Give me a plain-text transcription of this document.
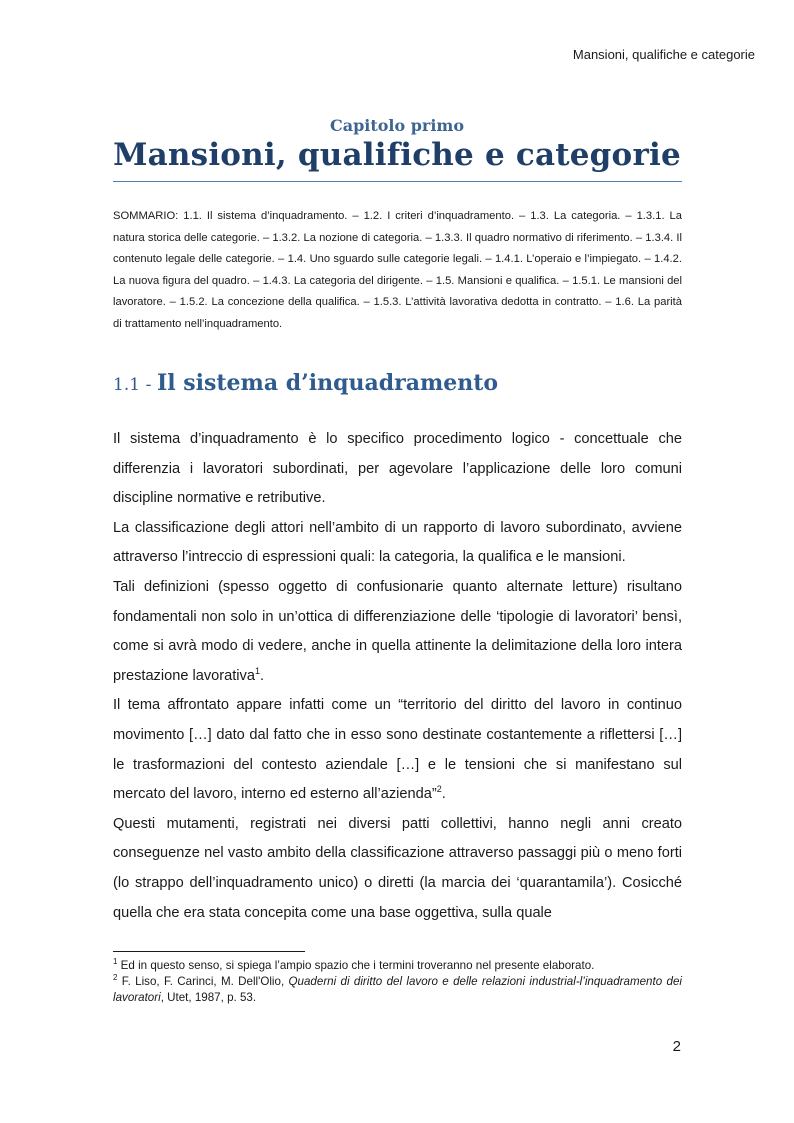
Mansioni, qualifiche e categorie
Capitolo primo
Mansioni, qualifiche e categorie
SOMMARIO: 1.1. Il sistema d’inquadramento. – 1.2. I criteri d’inquadramento. – 1.3. La categoria. – 1.3.1. La natura storica delle categorie. – 1.3.2. La nozione di categoria. – 1.3.3. Il quadro normativo di riferimento. – 1.3.4. Il contenuto legale delle categorie. – 1.4. Uno sguardo sulle categorie legali. – 1.4.1. L’operaio e l’impiegato. – 1.4.2. La nuova figura del quadro. – 1.4.3. La categoria del dirigente. – 1.5. Mansioni e qualifica. – 1.5.1. Le mansioni del lavoratore. – 1.5.2. La concezione della qualifica. – 1.5.3. L’attività lavorativa dedotta in contratto. – 1.6. La parità di trattamento nell’inquadramento.
1.1 - Il sistema d’inquadramento

Il sistema d’inquadramento è lo specifico procedimento logico - concettuale che differenzia i lavoratori subordinati, per agevolare l’applicazione delle loro comuni discipline normative e retributive.

La classificazione degli attori nell’ambito di un rapporto di lavoro subordinato, avviene attraverso l’intreccio di espressioni quali: la categoria, la qualifica e le mansioni.

Tali definizioni (spesso oggetto di confusionarie quanto alternate letture) risultano fondamentali non solo in un’ottica di differenziazione delle ‘tipologie di lavoratori’ bensì, come si avrà modo di vedere, anche in quella attinente la delimitazione della loro intera prestazione lavorativa$^1$.

Il tema affrontato appare infatti come un “territorio del diritto del lavoro in continuo movimento […] dato dal fatto che in esso sono destinate costantemente a riflettersi […] le trasformazioni del contesto aziendale […] e le tensioni che si manifestano sul mercato del lavoro, interno ed esterno all’azienda”$^2$.

Questi mutamenti, registrati nei diversi patti collettivi, hanno negli anni creato conseguenze nel vasto ambito della classificazione attraverso passaggi più o meno forti (lo strappo dell’inquadramento unico) o diretti (la marcia dei ‘quarantamila’). Cosicché quella che era stata concepita come una base oggettiva, sulla quale

$^1$ Ed in questo senso, si spiega l’ampio spazio che i termini troveranno nel presente elaborato.

$^2$ F. Liso, F. Carinci, M. Dell'Olio, Quaderni di diritto del lavoro e delle relazioni industrial-l’inquadramento dei lavoratori, Utet, 1987, p. 53.

2
